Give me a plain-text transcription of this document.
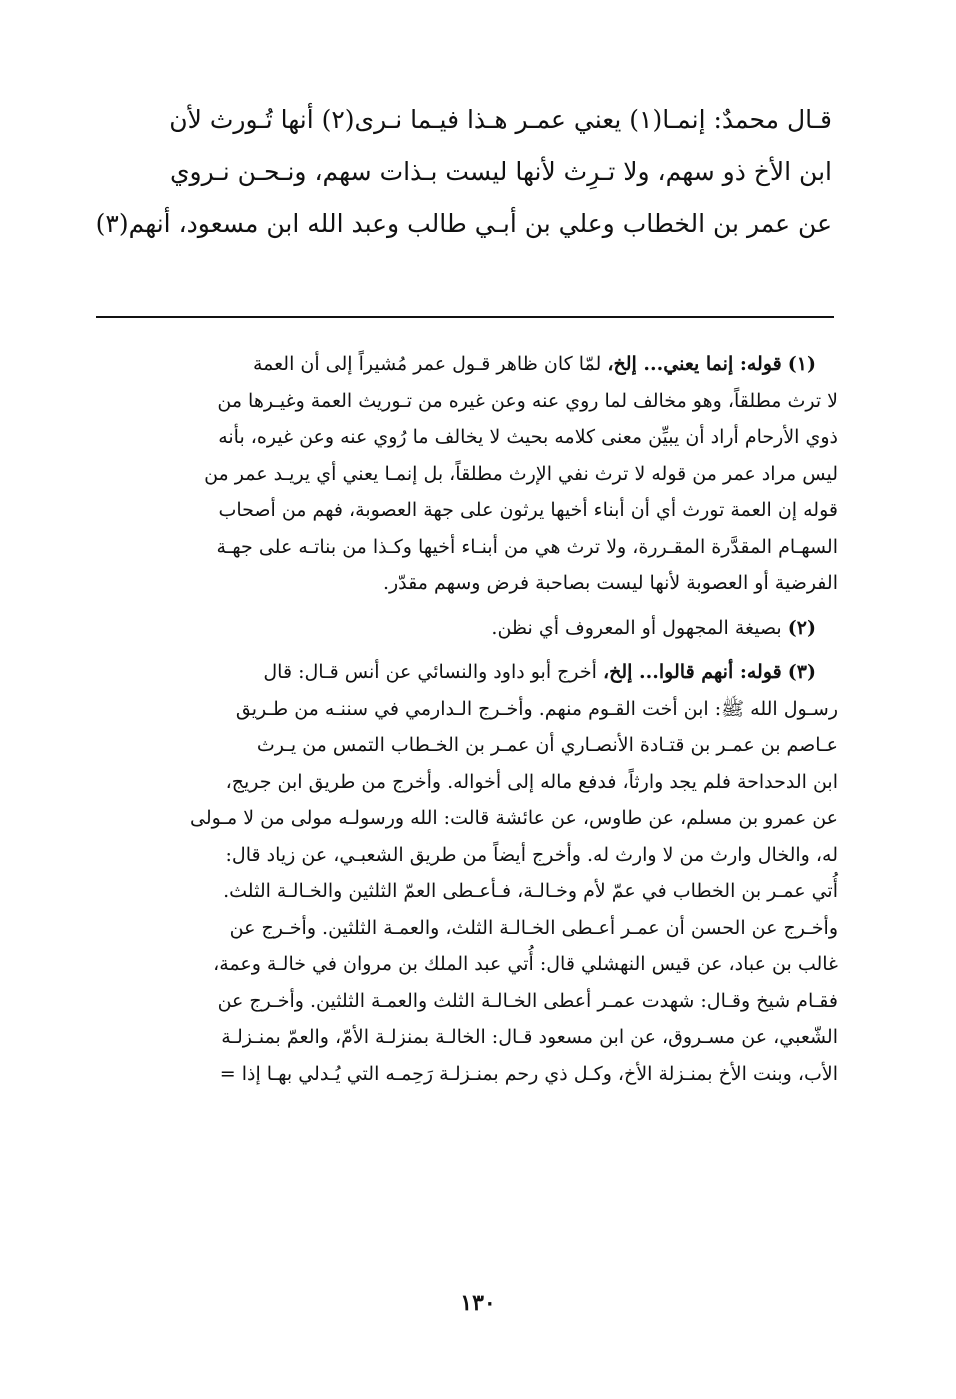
قـال محمدٌ: إنمـا(١) يعني عمـر هـذا فيـما نـرى(٢) أنها تُـورث لأن
ابن الأخ ذو سهم، ولا تـرِث لأنها ليست بـذات سهم، ونـحـن نـروي
عن عمر بن الخطاب وعلي بن أبـي طالب وعبد الله ابن مسعود، أنهم(٣)
(١) قوله: إنما يعني... إلخ، لمّا كان ظاهر قـول عمر مُشيراً إلى أن العمة
لا ترث مطلقاً، وهو مخالف لما روي عنه وعن غيره من تـوريث العمة وغيـرها من
ذوي الأرحام أراد أن يبيِّن معنى كلامه بحيث لا يخالف ما رُوي عنه وعن غيره، بأنه
ليس مراد عمر من قوله لا ترث نفي الإرث مطلقاً، بل إنمـا يعني أي يريـد عمر من
قوله إن العمة تورث أي أن أبناء أخيها يرثون على جهة العصوبة، فهم من أصحاب
السهـام المقدَّرة المقـررة، ولا ترث هي من أبنـاء أخيها وكـذا من بناتـه على جهـة
الفرضية أو العصوبة لأنها ليست بصاحبة فرض وسهم مقدّر.
(٢) بصيغة المجهول أو المعروف أي نظن.
(٣) قوله: أنهم قالوا... إلخ، أخرج أبو داود والنسائي عن أنس قـال: قال
رسـول الله ﷺ: ابن أخت القـوم منهم. وأخـرج الـدارمي في سننـه من طـريق
عـاصم بن عمـر بن قتـادة الأنصـاري أن عمـر بن الخـطاب التمس من يـرث
ابن الدحداحة فلم يجد وارثاً، فدفع ماله إلى أخواله. وأخرج من طريق ابن جريج،
عن عمرو بن مسلم، عن طاوس، عن عائشة قالت: الله ورسولـه مولى من لا مـولى
له، والخال وارث من لا وارث له. وأخرج أيضاً من طريق الشعبـي، عن زياد قال:
أُتي عمـر بن الخطاب في عمّ لأم وخـالـة، فـأعـطى العمّ الثلثين والخـالـة الثلث.
وأخـرج عن الحسن أن عمـر أعـطى الخـالـة الثلث، والعمـة الثلثين. وأخـرج عن
غالب بن عباد، عن قيس النهشلي قال: أُتي عبد الملك بن مروان في خالـة وعمة،
فقـام شيخ وقـال: شهدت عمـر أعطى الخـالـة الثلث والعمـة الثلثين. وأخـرج عن
الشّعبي، عن مسـروق، عن ابن مسعود قـال: الخالـة بمنزلـة الأمّ، والعمّ بمنـزلـة
الأب، وبنت الأخ بمنـزلة الأخ، وكـل ذي رحم بمنـزلـة رَحِمـه التي يُـدلي بهـا إذا =
١٣٠
